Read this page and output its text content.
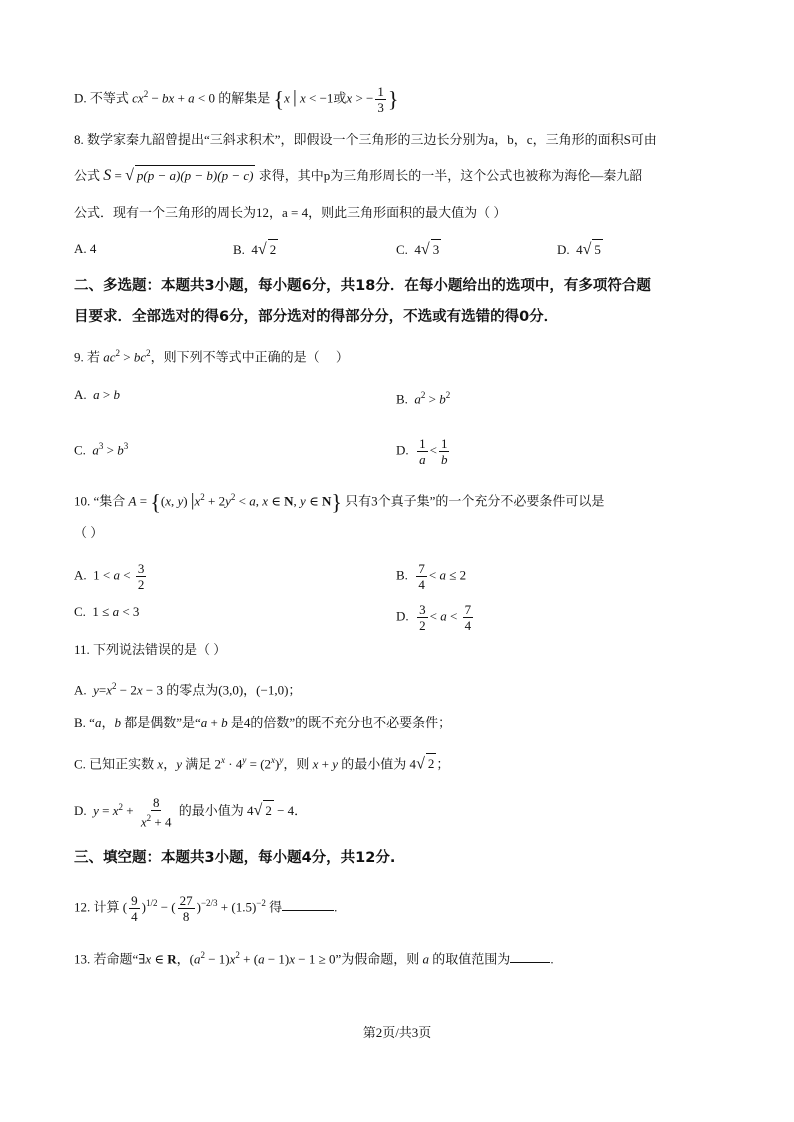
D. 不等式 $cx^2$ − bx + a < 0 的解集是 {x | x < −1或x > − $\frac{1}{3}$ }
8. 数学家秦九韶曾提出“三斜求积术”，即假设一个三角形的三边长分别为a，b，c，三角形的面积S可由
公式 S = √ p(p − a)(p − b)(p − c) 求得，其中p为三角形周长的一半，这个公式也被称为海伦—秦九韶
公式．现有一个三角形的周长为12，a = 4，则此三角形面积的最大值为（ ）
A. 4	B.  4√ 2	C.  4√ 3	D.  4√ 5
二、多选题：本题共3小题，每小题6分，共18分．在每小题给出的选项中，有多项符合题
目要求．全部选对的得6分，部分选对的得部分分，不选或有选错的得0分．
9. 若 $ac^2 > bc^2$，则下列不等式中正确的是（     ）
A.  a > b	B.  $a^2 > b^2$
C.  $a^3 > b^3$	D. $\frac{1}{a} < \frac{1}{b}$
10. “集合 A = {(x, y) $|x^2 + 2y^2 < a$, x ∈ N, y ∈ N} 只有3个真子集”的一个充分不必要条件可以是
（ ）
A.  $1 < a < \frac{3}{2}$	B. $\frac{7}{4} < a \le 2$
C.  1 ≤ a < 3	D. $\frac{3}{2} < a < \frac{7}{4}$
11. 下列说法错误的是（ ）
A.  $y=x^2 - 2x - 3$ 的零点为(3,0)，(−1,0)；
B. “a，b 都是偶数”是“a + b 是4的倍数”的既不充分也不必要条件；
C. 已知正实数 x，y 满足 $2^x \cdot 4^y = (2^x)^y$，则 x + y 的最小值为 4√ 2 ；
D.  $y = x^2 + \frac{8}{x^2 + 4}$ 的最小值为 4√ 2 − 4．
三、填空题：本题共3小题，每小题4分，共12分.
12. 计算 ( $\frac{9}{4} )^{1/2}$ − ( $\frac{27}{8} )^{-2/3} + (1.5)^{-2}$ 得	.
13. 若命题“∃x ∈ R，$(a^2 - 1)x^2 + (a - 1)x - 1 \ge 0$”为假命题，则 a 的取值范围为	.
第2页/共3页
